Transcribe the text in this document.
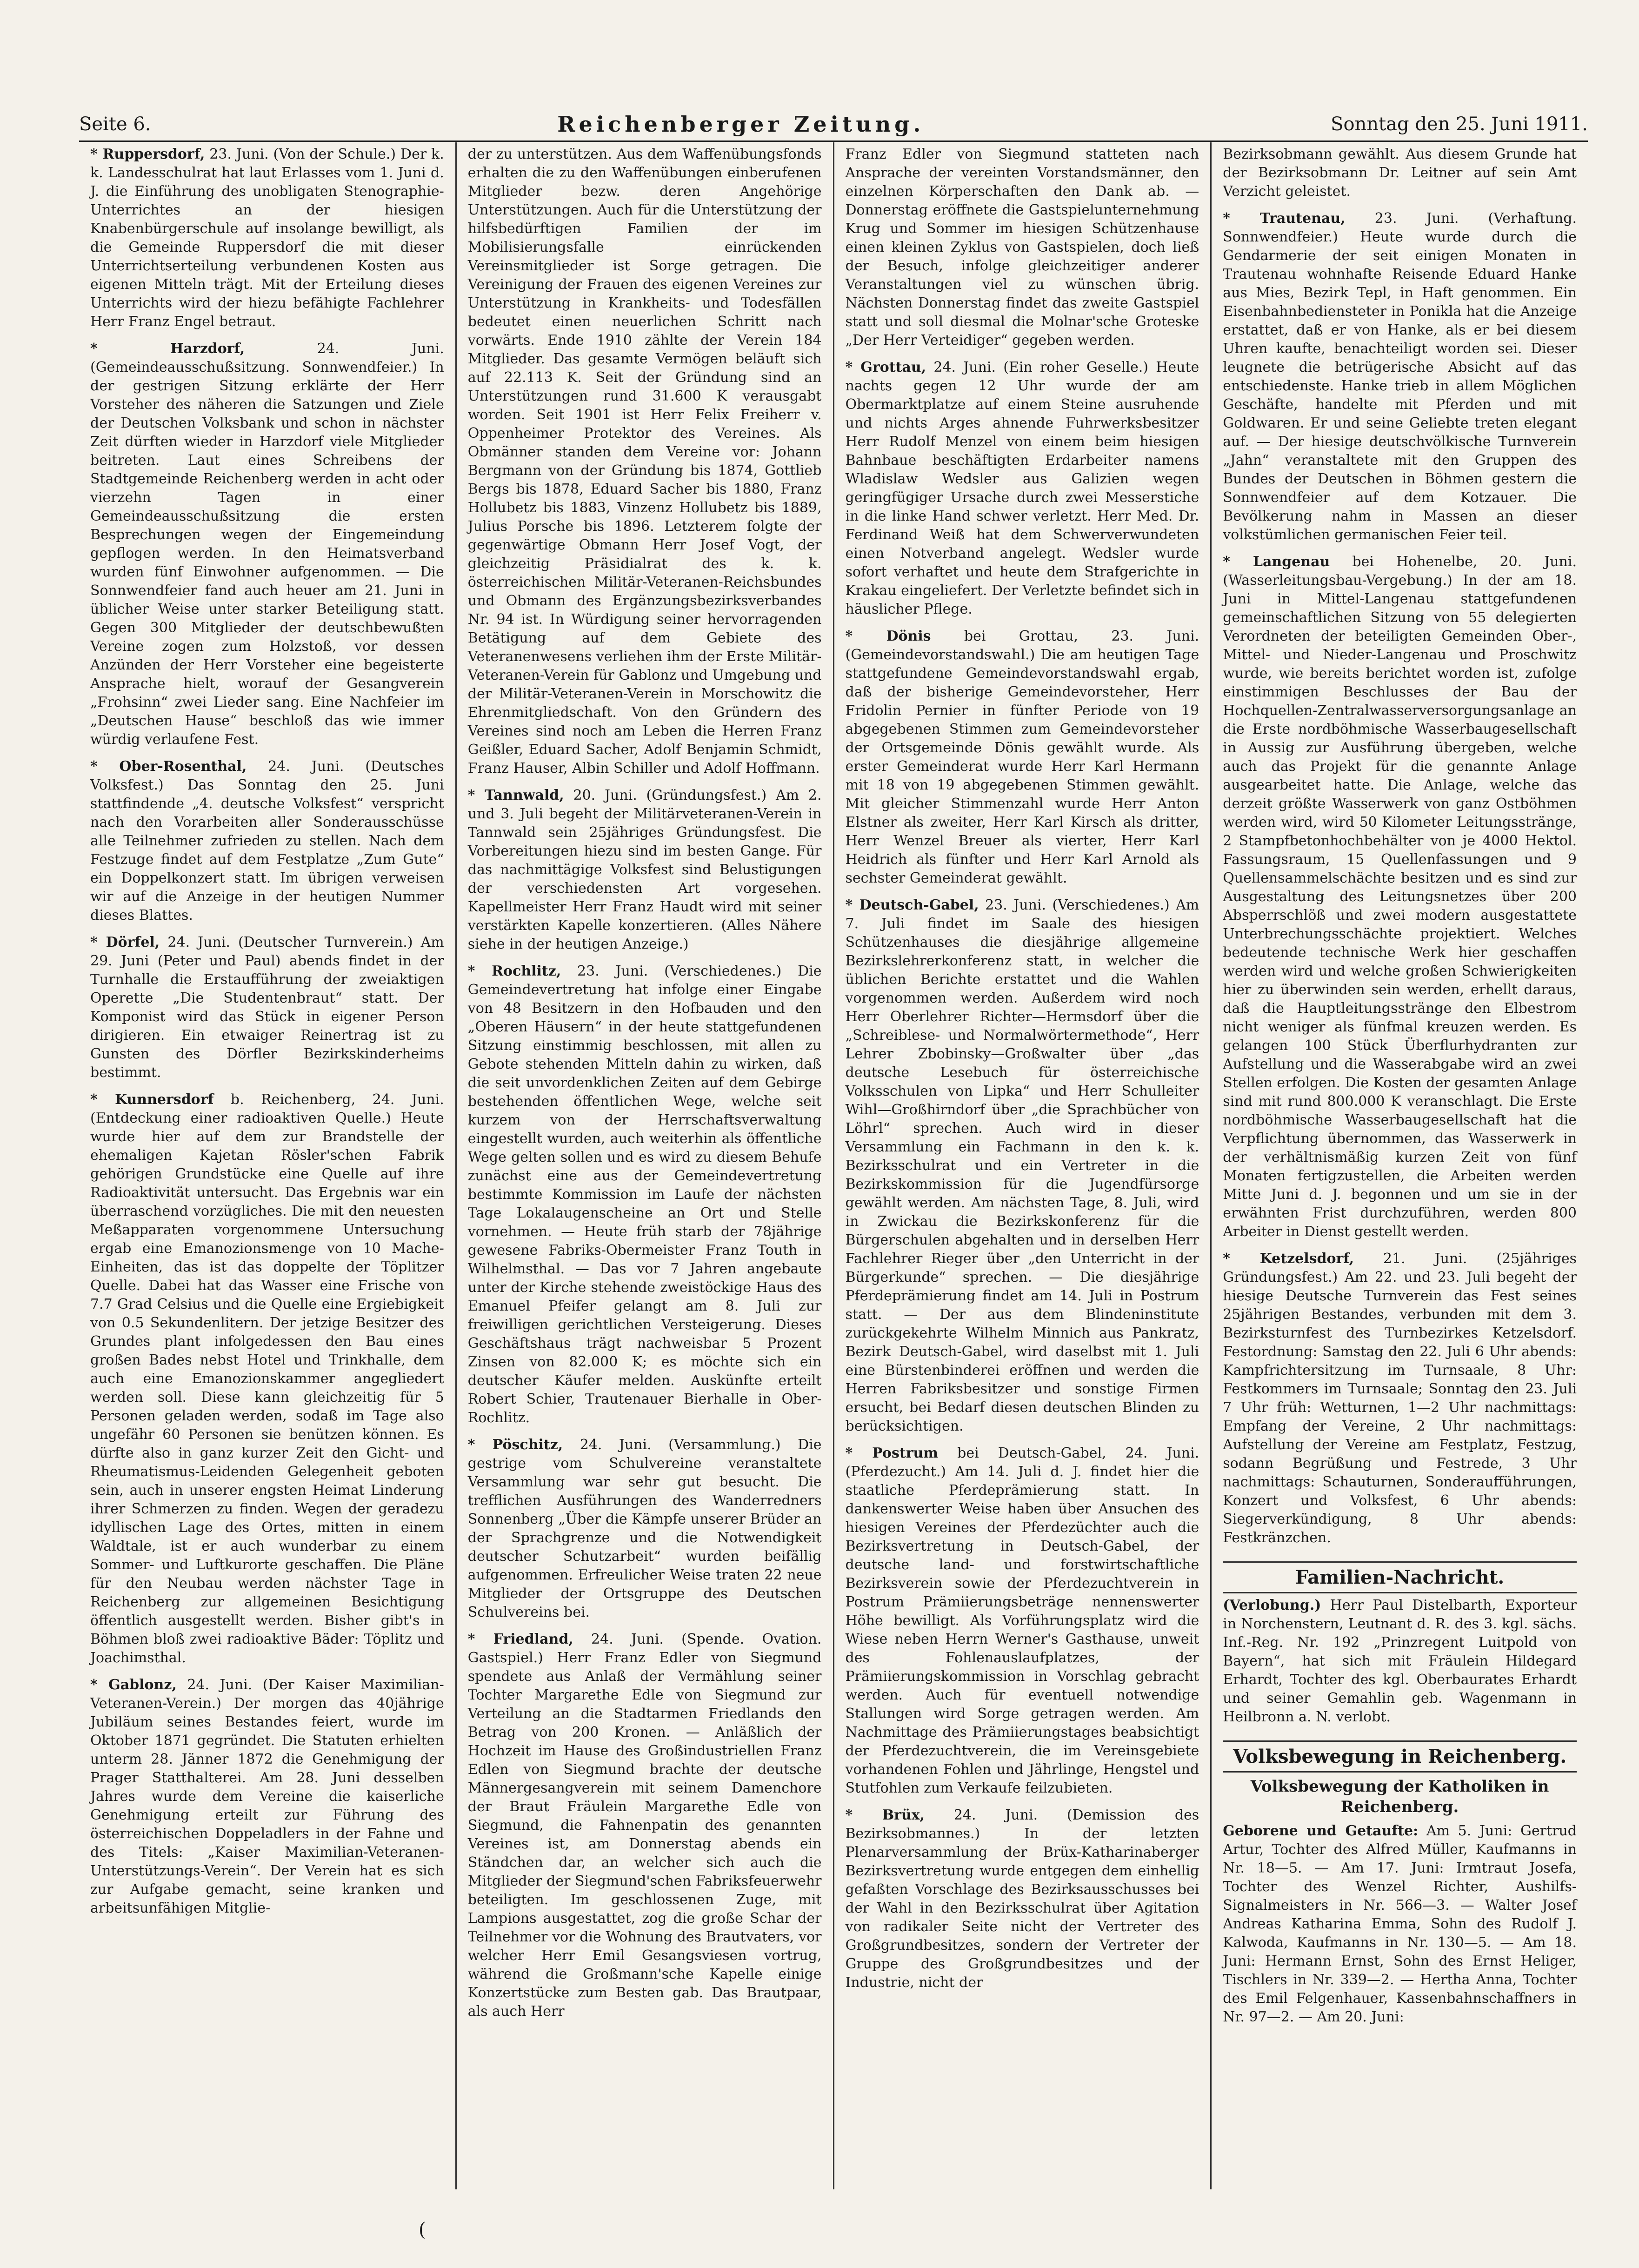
Seite 6.	Reichenberger Zeitung.	Sonntag den 25. Juni 1911.

* Ruppersdorf, 23. Juni. (Von der Schule.) Der k. k. Landesschulrat hat laut Erlasses vom 1. Juni d. J. die Einführung des unobligaten Stenographie-Unterrichtes an der hiesigen Knabenbürgerschule auf insolange bewilligt, als die Gemeinde Ruppersdorf die mit dieser Unterrichtserteilung verbundenen Kosten aus eigenen Mitteln trägt. Mit der Erteilung dieses Unterrichts wird der hiezu befähigte Fachlehrer Herr Franz Engel betraut.

* Harzdorf,	24. Juni. (Gemeindeausschußsitzung. Sonnwendfeier.) In der gestrigen Sitzung erklärte der Herr Vorsteher des näheren die Satzungen und Ziele der Deutschen Volksbank und schon in nächster Zeit dürften wieder in Harzdorf viele Mitglieder beitreten. Laut eines Schreibens der Stadtgemeinde Reichenberg werden in acht oder vierzehn Tagen in einer Gemeindeausschußsitzung die ersten Besprechungen wegen der Eingemeindung gepflogen werden. In den Heimatsverband wurden fünf Einwohner aufgenommen. — Die Sonnwendfeier fand auch heuer am 21. Juni in üblicher Weise unter starker Beteiligung statt. Gegen 300 Mitglieder der deutschbewußten Vereine zogen zum Holzstoß, vor dessen Anzünden der Herr Vorsteher eine begeisterte Ansprache hielt, worauf der Gesangverein „Frohsinn“ zwei Lieder sang. Eine Nachfeier im „Deutschen Hause“ beschloß das wie immer würdig verlaufene Fest.

* Ober-Rosenthal, 24. Juni. (Deutsches Volksfest.) Das Sonntag den 25. Juni stattfindende „4. deutsche Volksfest“ verspricht nach den Vorarbeiten aller Sonderausschüsse alle Teilnehmer zufrieden zu stellen. Nach dem Festzuge findet auf dem Festplatze „Zum Gute“ ein Doppelkonzert statt. Im übrigen verweisen wir auf die Anzeige in der heutigen Nummer dieses Blattes.

* Dörfel, 24. Juni. (Deutscher Turnverein.) Am 29. Juni (Peter und Paul) abends findet in der Turnhalle die Erstaufführung der zweiaktigen Operette „Die Studentenbraut“ statt. Der Komponist wird das Stück in eigener Person dirigieren. Ein etwaiger Reinertrag ist zu Gunsten des Dörfler Bezirkskinderheims bestimmt.

* Kunnersdorf b. Reichenberg, 24. Juni. (Entdeckung einer radioaktiven Quelle.) Heute wurde hier auf dem zur Brandstelle der ehemaligen Kajetan Rösler'schen Fabrik gehörigen Grundstücke eine Quelle auf ihre Radioaktivität untersucht. Das Ergebnis war ein überraschend vorzügliches. Die mit den neuesten Meßapparaten vorgenommene Untersuchung ergab eine Emanozionsmenge von 10 Mache-Einheiten, das ist das doppelte der Töplitzer Quelle. Dabei hat das Wasser eine Frische von 7.7 Grad Celsius und die Quelle eine Ergiebigkeit von 0.5 Sekundenlitern. Der jetzige Besitzer des Grundes plant infolgedessen den Bau eines großen Bades nebst Hotel und Trinkhalle, dem auch eine Emanozionskammer angegliedert werden soll. Diese kann gleichzeitig für 5 Personen geladen werden, sodaß im Tage also ungefähr 60 Personen sie benützen können. Es dürfte also in ganz kurzer Zeit den Gicht- und Rheumatismus-Leidenden Gelegenheit geboten sein, auch in unserer engsten Heimat Linderung ihrer Schmerzen zu finden. Wegen der geradezu idyllischen Lage des Ortes, mitten in einem Waldtale, ist er auch wunderbar zu einem Sommer- und Luftkurorte geschaffen. Die Pläne für den Neubau werden nächster Tage in Reichenberg zur allgemeinen Besichtigung öffentlich ausgestellt werden. Bisher gibt's in Böhmen bloß zwei radioaktive Bäder: Töplitz und Joachimsthal.

* Gablonz, 24. Juni. (Der Kaiser Maximilian-Veteranen-Verein.) Der morgen das 40jährige Jubiläum seines Bestandes feiert, wurde im Oktober 1871 gegründet. Die Statuten erhielten unterm 28. Jänner 1872 die Genehmigung der Prager Statthalterei. Am 28. Juni desselben Jahres wurde dem Vereine die kaiserliche Genehmigung erteilt zur Führung des österreichischen Doppeladlers in der Fahne und des Titels: „Kaiser Maximilian-Veteranen-Unterstützungs-Verein“. Der Verein hat es sich zur Aufgabe gemacht, seine kranken und arbeitsunfähigen Mitglie-

der zu unterstützen. Aus dem Waffenübungsfonds erhalten die zu den Waffenübungen einberufenen Mitglieder bezw. deren Angehörige Unterstützungen. Auch für die Unterstützung der hilfsbedürftigen Familien der im Mobilisierungsfalle einrückenden Vereinsmitglieder ist Sorge getragen. Die Vereinigung der Frauen des eigenen Vereines zur Unterstützung in Krankheits- und Todesfällen bedeutet einen neuerlichen Schritt nach vorwärts. Ende 1910 zählte der Verein 184 Mitglieder. Das gesamte Vermögen beläuft sich auf 22.113 K. Seit der Gründung sind an Unterstützungen rund 31.600 K verausgabt worden. Seit 1901 ist Herr Felix Freiherr v. Oppenheimer Protektor des Vereines. Als Obmänner standen dem Vereine vor: Johann Bergmann von der Gründung bis 1874, Gottlieb Bergs bis 1878, Eduard Sacher bis 1880, Franz Hollubetz bis 1883, Vinzenz Hollubetz bis 1889, Julius Porsche bis 1896. Letzterem folgte der gegenwärtige Obmann Herr Josef Vogt, der gleichzeitig Präsidialrat des k. k. österreichischen Militär-Veteranen-Reichsbundes und Obmann des Ergänzungsbezirksverbandes Nr. 94 ist. In Würdigung seiner hervorragenden Betätigung auf dem Gebiete des Veteranenwesens verliehen ihm der Erste Militär-Veteranen-Verein für Gablonz und Umgebung und der Militär-Veteranen-Verein in Morschowitz die Ehrenmitgliedschaft. Von den Gründern des Vereines sind noch am Leben die Herren Franz Geißler, Eduard Sacher, Adolf Benjamin Schmidt, Franz Hauser, Albin Schiller und Adolf Hoffmann.

* Tannwald, 20. Juni. (Gründungsfest.) Am 2. und 3. Juli begeht der Militärveteranen-Verein in Tannwald sein 25jähriges Gründungsfest. Die Vorbereitungen hiezu sind im besten Gange. Für das nachmittägige Volksfest sind Belustigungen der verschiedensten Art vorgesehen. Kapellmeister Herr Franz Haudt wird mit seiner verstärkten Kapelle konzertieren. (Alles Nähere siehe in der heutigen Anzeige.)

* Rochlitz, 23. Juni. (Verschiedenes.) Die Gemeindevertretung hat infolge einer Eingabe von 48 Besitzern in den Hofbauden und den „Oberen Häusern“ in der heute stattgefundenen Sitzung einstimmig beschlossen, mit allen zu Gebote stehenden Mitteln dahin zu wirken, daß die seit unvordenklichen Zeiten auf dem Gebirge bestehenden öffentlichen Wege, welche seit kurzem von der Herrschaftsverwaltung eingestellt wurden, auch weiterhin als öffentliche Wege gelten sollen und es wird zu diesem Behufe zunächst eine aus der Gemeindevertretung bestimmte Kommission im Laufe der nächsten Tage Lokalaugenscheine an Ort und Stelle vornehmen. — Heute früh starb der 78jährige gewesene Fabriks-Obermeister Franz Touth in Wilhelmsthal. — Das vor 7 Jahren angebaute unter der Kirche stehende zweistöckige Haus des Emanuel Pfeifer gelangt am 8. Juli zur freiwilligen gerichtlichen Versteigerung. Dieses Geschäftshaus trägt nachweisbar 5 Prozent Zinsen von 82.000 K; es möchte sich ein deutscher Käufer melden. Auskünfte erteilt Robert Schier, Trautenauer Bierhalle in Ober-Rochlitz.

* Pöschitz, 24. Juni. (Versammlung.) Die gestrige vom Schulvereine veranstaltete Versammlung war sehr gut besucht. Die trefflichen Ausführungen des Wanderredners Sonnenberg „Über die Kämpfe unserer Brüder an der Sprachgrenze und die Notwendigkeit deutscher Schutzarbeit“ wurden beifällig aufgenommen. Erfreulicher Weise traten 22 neue Mitglieder der Ortsgruppe des Deutschen Schulvereins bei.

* Friedland, 24. Juni. (Spende. Ovation. Gastspiel.) Herr Franz Edler von Siegmund spendete aus Anlaß der Vermählung seiner Tochter Margarethe Edle von Siegmund zur Verteilung an die Stadtarmen Friedlands den Betrag von 200 Kronen. — Anläßlich der Hochzeit im Hause des Großindustriellen Franz Edlen von Siegmund brachte der deutsche Männergesangverein mit seinem Damenchore der Braut Fräulein Margarethe Edle von Siegmund, die Fahnenpatin des genannten Vereines ist, am Donnerstag abends ein Ständchen dar, an welcher sich auch die Mitglieder der Siegmund'schen Fabriksfeuerwehr beteiligten. Im geschlossenen Zuge, mit Lampions ausgestattet, zog die große Schar der Teilnehmer vor die Wohnung des Brautvaters, vor welcher Herr Emil Gesangsviesen vortrug, während die Großmann'sche Kapelle einige Konzertstücke zum Besten gab. Das Brautpaar, als auch Herr

Franz Edler von Siegmund statteten nach Ansprache der vereinten Vorstandsmänner, den einzelnen Körperschaften den Dank ab. — Donnerstag eröffnete die Gastspielunternehmung Krug und Sommer im hiesigen Schützenhause einen kleinen Zyklus von Gastspielen, doch ließ der Besuch, infolge gleichzeitiger anderer Veranstaltungen viel zu wünschen übrig. Nächsten Donnerstag findet das zweite Gastspiel statt und soll diesmal die Molnar'sche Groteske „Der Herr Verteidiger“ gegeben werden.

* Grottau, 24. Juni. (Ein roher Geselle.) Heute nachts gegen 12 Uhr wurde der am Obermarktplatze auf einem Steine ausruhende und nichts Arges ahnende Fuhrwerksbesitzer Herr Rudolf Menzel von einem beim hiesigen Bahnbaue beschäftigten Erdarbeiter namens Wladislaw Wedsler aus Galizien wegen geringfügiger Ursache durch zwei Messerstiche in die linke Hand schwer verletzt. Herr Med. Dr. Ferdinand Weiß hat dem Schwerverwundeten einen Notverband angelegt. Wedsler wurde sofort verhaftet und heute dem Strafgerichte in Krakau eingeliefert. Der Verletzte befindet sich in häuslicher Pflege.

* Dönis bei Grottau, 23. Juni. (Gemeindevorstandswahl.) Die am heutigen Tage stattgefundene Gemeindevorstandswahl ergab, daß der bisherige Gemeindevorsteher, Herr Fridolin Pernier in fünfter Periode von 19 abgegebenen Stimmen zum Gemeindevorsteher der Ortsgemeinde Dönis gewählt wurde. Als erster Gemeinderat wurde Herr Karl Hermann mit 18 von 19 abgegebenen Stimmen gewählt. Mit gleicher Stimmenzahl wurde Herr Anton Elstner als zweiter, Herr Karl Kirsch als dritter, Herr Wenzel Breuer als vierter, Herr Karl Heidrich als fünfter und Herr Karl Arnold als sechster Gemeinderat gewählt.

* Deutsch-Gabel, 23. Juni. (Verschiedenes.) Am 7. Juli findet im Saale des hiesigen Schützenhauses die diesjährige allgemeine Bezirkslehrerkonferenz statt, in welcher die üblichen Berichte erstattet und die Wahlen vorgenommen werden. Außerdem wird noch Herr Oberlehrer Richter—Hermsdorf über die „Schreiblese- und Normalwörtermethode“, Herr Lehrer Zbobinsky—Großwalter über „das deutsche Lesebuch für österreichische Volksschulen von Lipka“ und Herr Schulleiter Wihl—Großhirndorf über „die Sprachbücher von Löhrl“ sprechen. Auch wird in dieser Versammlung ein Fachmann in den k. k. Bezirksschulrat und ein Vertreter in die Bezirkskommission für die Jugendfürsorge gewählt werden. Am nächsten Tage, 8. Juli, wird in Zwickau die Bezirkskonferenz für die Bürgerschulen abgehalten und in derselben Herr Fachlehrer Rieger über „den Unterricht in der Bürgerkunde“ sprechen. — Die diesjährige Pferdeprämierung findet am 14. Juli in Postrum statt. — Der aus dem Blindeninstitute zurückgekehrte Wilhelm Minnich aus Pankratz, Bezirk Deutsch-Gabel, wird daselbst mit 1. Juli eine Bürstenbinderei eröffnen und werden die Herren Fabriksbesitzer und sonstige Firmen ersucht, bei Bedarf diesen deutschen Blinden zu berücksichtigen.

* Postrum bei Deutsch-Gabel, 24. Juni. (Pferdezucht.) Am 14. Juli d. J. findet hier die staatliche Pferdeprämierung statt. In dankenswerter Weise haben über Ansuchen des hiesigen Vereines der Pferdezüchter auch die Bezirksvertretung in Deutsch-Gabel, der deutsche land- und forstwirtschaftliche Bezirksverein sowie der Pferdezuchtverein in Postrum Prämiierungsbeträge nennenswerter Höhe bewilligt. Als Vorführungsplatz wird die Wiese neben Herrn Werner's Gasthause, unweit des Fohlenauslaufplatzes, der Prämiierungskommission in Vorschlag gebracht werden. Auch für eventuell notwendige Stallungen wird Sorge getragen werden. Am Nachmittage des Prämiierungstages beabsichtigt der Pferdezuchtverein, die im Vereinsgebiete vorhandenen Fohlen und Jährlinge, Hengstel und Stutfohlen zum Verkaufe feilzubieten.

* Brüx, 24. Juni. (Demission des Bezirksobmannes.)	In der letzten Plenarversammlung der Brüx-Katharinaberger Bezirksvertretung wurde entgegen dem einhellig gefaßten Vorschlage des Bezirksausschusses bei der Wahl in den Bezirksschulrat über Agitation von radikaler Seite nicht der Vertreter des Großgrundbesitzes, sondern der Vertreter der Gruppe des Großgrundbesitzes und der Industrie, nicht der

Bezirksobmann gewählt. Aus diesem Grunde hat der Bezirksobmann Dr. Leitner auf sein Amt Verzicht geleistet.

* Trautenau, 23. Juni. (Verhaftung. Sonnwendfeier.) Heute wurde durch die Gendarmerie der seit einigen Monaten in Trautenau wohnhafte Reisende Eduard Hanke aus Mies, Bezirk Tepl, in Haft genommen. Ein Eisenbahnbediensteter in Ponikla hat die Anzeige erstattet, daß er von Hanke, als er bei diesem Uhren kaufte, benachteiligt worden sei. Dieser leugnete die betrügerische Absicht auf das entschiedenste. Hanke trieb in allem Möglichen Geschäfte, handelte mit Pferden und mit Goldwaren. Er und seine Geliebte treten elegant auf. — Der hiesige deutschvölkische Turnverein „Jahn“ veranstaltete mit den Gruppen des Bundes der Deutschen in Böhmen gestern die Sonnwendfeier auf dem Kotzauer. Die Bevölkerung nahm in Massen an dieser volkstümlichen germanischen Feier teil.

* Langenau bei Hohenelbe, 20. Juni. (Wasserleitungsbau-Vergebung.) In der am 18. Juni in Mittel-Langenau stattgefundenen gemeinschaftlichen Sitzung von 55 delegierten Verordneten der beteiligten Gemeinden Ober-, Mittel- und Nieder-Langenau und Proschwitz wurde, wie bereits berichtet worden ist, zufolge einstimmigen Beschlusses der Bau der Hochquellen-Zentralwasserversorgungsanlage an die Erste nordböhmische Wasserbaugesellschaft in Aussig zur Ausführung übergeben, welche auch das Projekt für die genannte Anlage ausgearbeitet hatte. Die Anlage, welche das derzeit größte Wasserwerk von ganz Ostböhmen werden wird, wird 50 Kilometer Leitungsstränge, 2 Stampfbetonhochbehälter von je 4000 Hektol. Fassungsraum, 15 Quellenfassungen und 9 Quellensammelschächte besitzen und es sind zur Ausgestaltung des Leitungsnetzes über 200 Absperrschlöß und zwei modern ausgestattete Unterbrechungsschächte projektiert. Welches bedeutende technische Werk hier geschaffen werden wird und welche großen Schwierigkeiten hier zu überwinden sein werden, erhellt daraus, daß die Hauptleitungsstränge den Elbestrom nicht weniger als fünfmal kreuzen werden. Es gelangen 100 Stück Überflurhydranten zur Aufstellung und die Wasserabgabe wird an zwei Stellen erfolgen. Die Kosten der gesamten Anlage sind mit rund 800.000 K veranschlagt. Die Erste nordböhmische Wasserbaugesellschaft hat die Verpflichtung übernommen, das Wasserwerk in der verhältnismäßig kurzen Zeit von fünf Monaten fertigzustellen, die Arbeiten werden Mitte Juni d. J. begonnen und um sie in der erwähnten Frist durchzuführen, werden 800 Arbeiter in Dienst gestellt werden.

* Ketzelsdorf, 21. Juni. (25jähriges Gründungsfest.) Am 22. und 23. Juli begeht der hiesige Deutsche Turnverein das Fest seines 25jährigen Bestandes, verbunden mit dem 3. Bezirksturnfest des Turnbezirkes Ketzelsdorf. Festordnung: Samstag den 22. Juli 6 Uhr abends: Kampfrichtersitzung im Turnsaale, 8 Uhr: Festkommers im Turnsaale; Sonntag den 23. Juli 7 Uhr früh: Wetturnen, 1—2 Uhr nachmittags: Empfang der Vereine, 2 Uhr nachmittags: Aufstellung der Vereine am Festplatz, Festzug, sodann Begrüßung und Festrede, 3 Uhr nachmittags: Schauturnen, Sonderaufführungen, Konzert und Volksfest, 6 Uhr abends: Siegerverkündigung, 8 Uhr abends: Festkränzchen.

Familien-Nachricht.

(Verlobung.) Herr Paul Distelbarth, Exporteur in Norchenstern, Leutnant d. R. des 3. kgl. sächs. Inf.-Reg. Nr. 192 „Prinzregent Luitpold von Bayern“, hat sich mit Fräulein Hildegard Erhardt, Tochter des kgl. Oberbaurates Erhardt und seiner Gemahlin geb. Wagenmann in Heilbronn a. N. verlobt.

Volksbewegung in Reichenberg.
Volksbewegung der Katholiken in Reichenberg.

Geborene und Getaufte: Am 5. Juni: Gertrud Artur, Tochter des Alfred Müller, Kaufmanns in Nr. 18—5. — Am 17. Juni: Irmtraut Josefa, Tochter des Wenzel Richter, Aushilfs-Signalmeisters in Nr. 566—3. — Walter Josef Andreas Katharina Emma, Sohn des Rudolf J. Kalwoda, Kaufmanns in Nr. 130—5. — Am 18. Juni: Hermann Ernst, Sohn des Ernst Heliger, Tischlers in Nr. 339—2. — Hertha Anna, Tochter des Emil Felgenhauer, Kassenbahnschaffners in Nr. 97—2. — Am 20. Juni:

(
